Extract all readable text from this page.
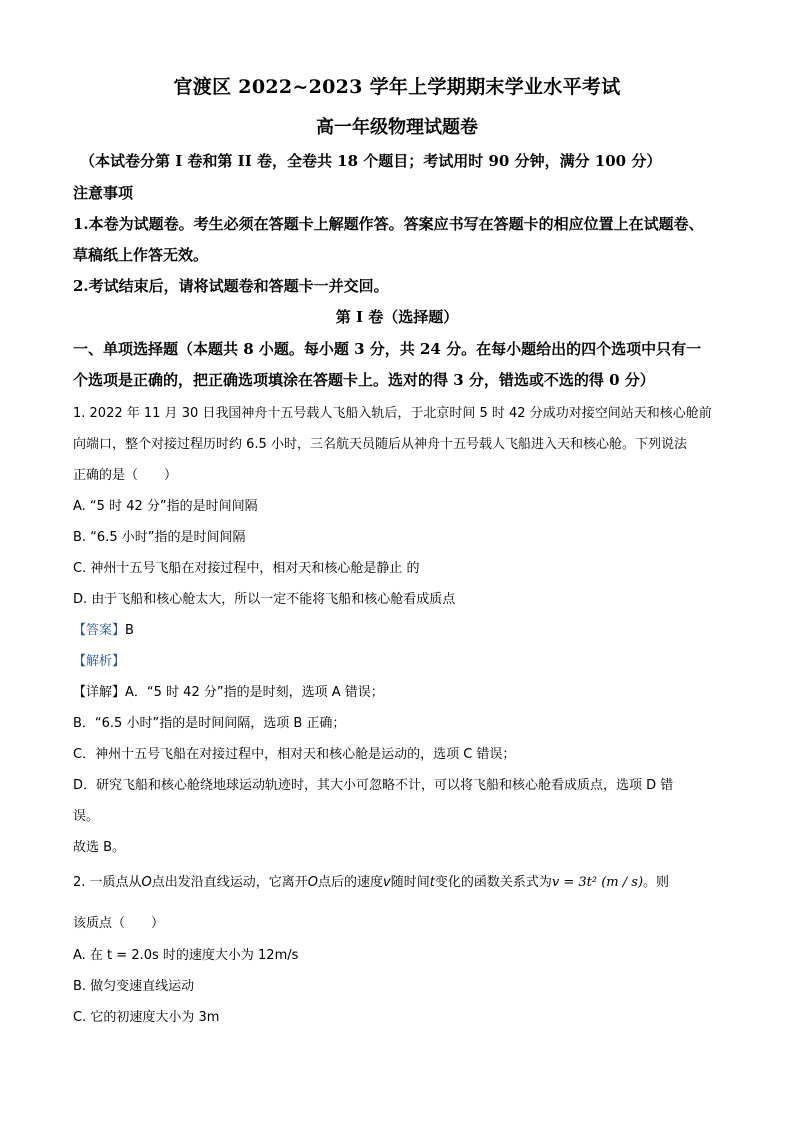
官渡区 2022~2023 学年上学期期末学业水平考试
高一年级物理试题卷
（本试卷分第 I 卷和第 II 卷，全卷共 18 个题目；考试用时 90 分钟，满分 100 分）
注意事项
1.本卷为试题卷。考生必须在答题卡上解题作答。答案应书写在答题卡的相应位置上在试题卷、
草稿纸上作答无效。
2.考试结束后，请将试题卷和答题卡一并交回。
第 I 卷（选择题）
一、单项选择题（本题共 8 小题。每小题 3 分，共 24 分。在每小题给出的四个选项中只有一
个选项是正确的，把正确选项填涂在答题卡上。选对的得 3 分，错选或不选的得 0 分）
1. 2022 年 11 月 30 日我国神舟十五号载人飞船入轨后，于北京时间 5 时 42 分成功对接空间站天和核心舱前
向端口，整个对接过程历时约 6.5 小时，三名航天员随后从神舟十五号载人飞船进入天和核心舱。下列说法
正确的是（　　）
A. “5 时 42 分”指的是时间间隔
B. “6.5 小时”指的是时间间隔
C. 神州十五号飞船在对接过程中，相对天和核心舱是静止 的
D. 由于飞船和核心舱太大，所以一定不能将飞船和核心舱看成质点
【答案】B
【解析】
【详解】A．“5 时 42 分”指的是时刻，选项 A 错误；
B．“6.5 小时”指的是时间间隔，选项 B 正确；
C．神州十五号飞船在对接过程中，相对天和核心舱是运动的，选项 C 错误；
D．研究飞船和核心舱绕地球运动轨迹时，其大小可忽略不计，可以将飞船和核心舱看成质点，选项 D 错
误。
故选 B。
2. 一质点从O点出发沿直线运动，它离开O点后的速度v随时间t变化的函数关系式为v = 3t² (m / s)。则
该质点（　　）
A. 在 t = 2.0s 时的速度大小为 12m/s
B. 做匀变速直线运动
C. 它的初速度大小为 3m
